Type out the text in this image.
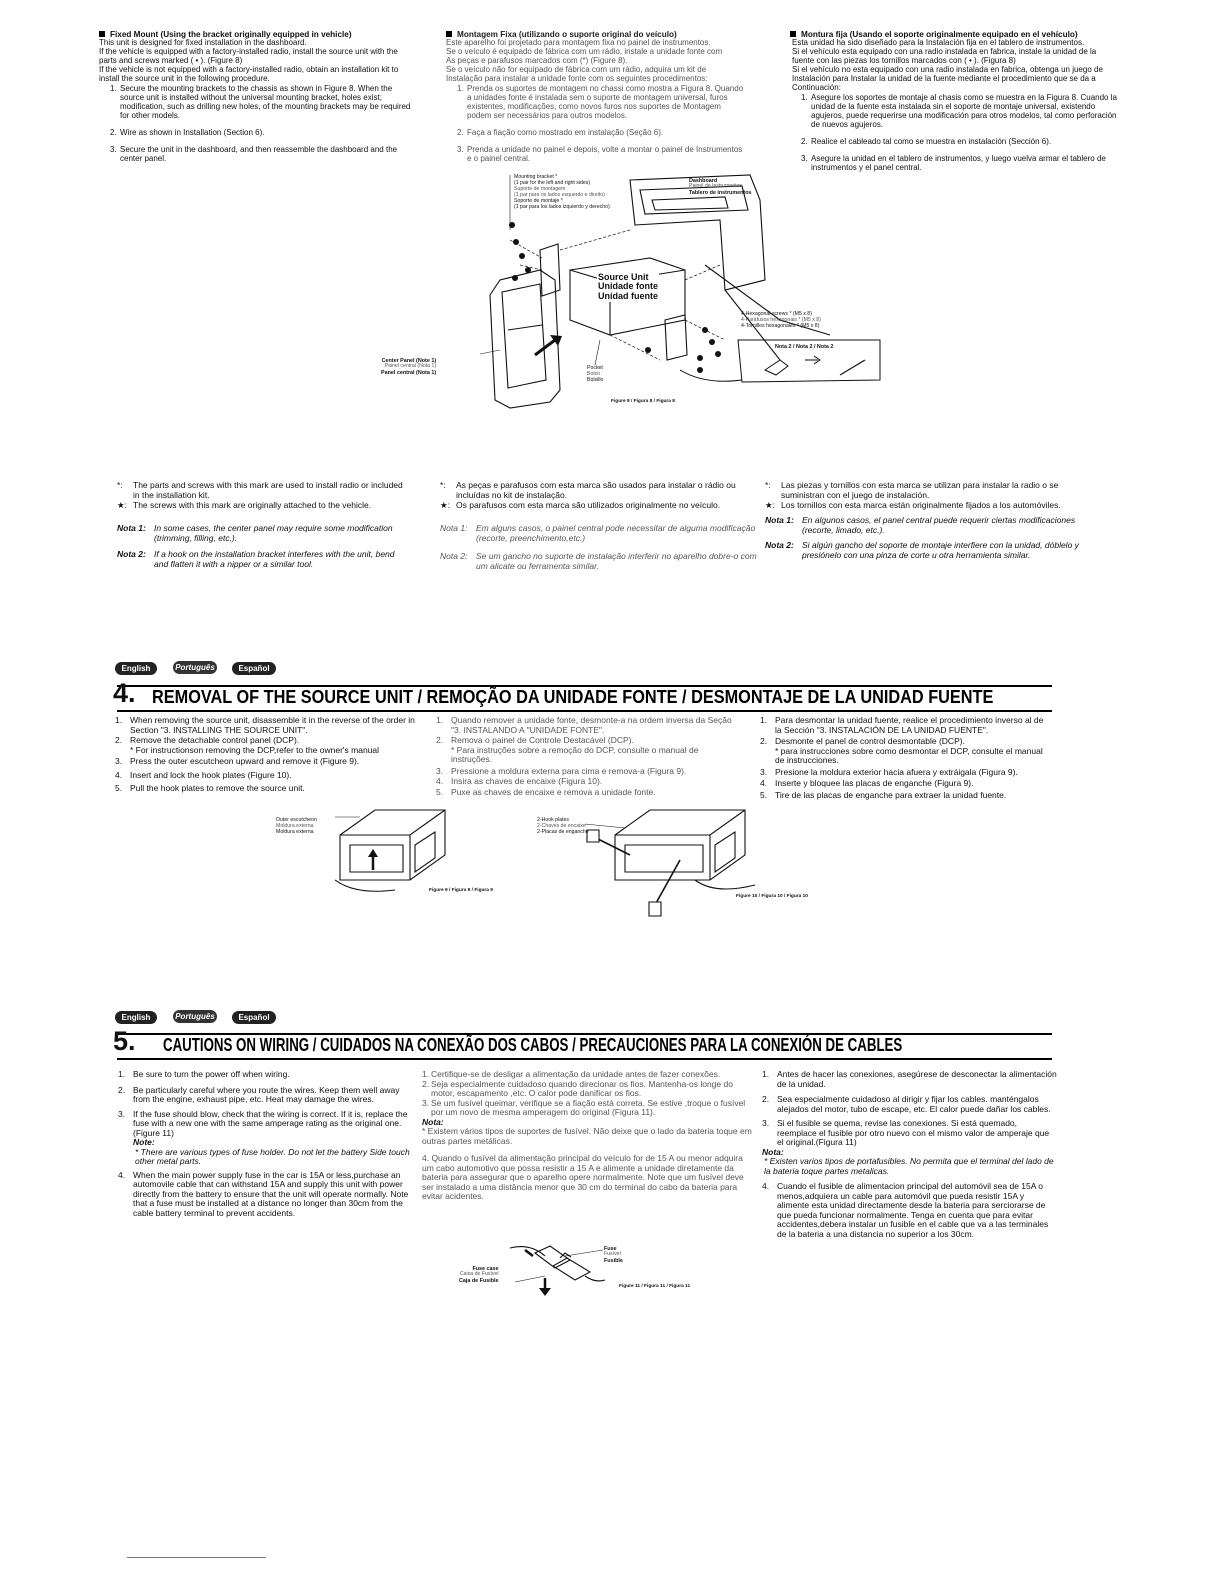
Fixed Mount (Using the bracket originally equipped in vehicle)
This unit is designed for fixed installation in the dashboard.
If the vehicle is equipped with a factory-installed radio, install the source unit with the
parts and screws marked ( • ). (Figure 8)
If the vehicle is not equipped with a factory-installed radio, obtain an installation kit to
install the source unit in the following procedure.
1. Secure the mounting brackets to the chassis as shown in Figure 8. When the source unit is installed without the universal mounting bracket, holes exist; modification, such as drilling new holes, of the mounting brackets may be required for other models.
2. Wire as shown in Installation (Section 6).
3. Secure the unit in the dashboard, and then reassemble the dashboard and the center panel.
Montagem Fixa (utilizando o suporte original do veículo)
Este aparelho foi projetado para montagem fixa no painel de instrumentos.
Se o veículo é equipado de fábrica com um rádio, instale a unidade fonte com
As peças e parafusos marcados com (*) (Figure 8).
Se o veículo não for equipado de fábrica com um rádio, adquira um kit de
Instalação para instalar a unidade fonte com os seguintes procedimentos:
1. Prenda os suportes de montagem no chassi como mostra a Figura 8. Quando a unidades fonte é instalada sem o suporte de montagem universal, furos existentes, modificações, como novos furos nos suportes de Montagem podem ser necessários para outros modelos.
2. Faça a fiação como mostrado em instalação (Seção 6).
3. Prenda a unidade no painel e depois, volte a montar o painel de Instrumentos e o painel central.
Montura fija (Usando el soporte originalmente equipado en el vehículo)
Esta unidad ha sido diseñado para la Instalación fija en el tablero de instrumentos.
Si el vehículo esta equipado con una radio instalada en fabrica, instale la unidad de la
fuente con las piezas los tornillos marcados con ( • ). (Figura 8)
Si el vehículo no esta equipado con una radio instalada en fabrica, obtenga un juego de
Instalación para Instalar la unidad de la fuente mediante el procedimiento que se da a
Continuación:
1. Asegure los soportes de montaje al chasis como se muestra en la Figura 8. Cuando la unidad de la fuente esta instalada sin el soporte de montaje universal, existendo agujeros, puede requerirse una modificación para otros modelos, tal como perforación de nuevos agujeros.
2. Realice el cableado tal como se muestra en instalación (Sección 6).
3. Asegure la unidad en el tablero de instrumentos, y luego vuelva armar el tablero de instrumentos y el panel central.
Mounting bracket *
(1 pair for the left and right sides)
Suporte de montagem
(1 par para os lados esquerdo e direito)
Soporte de montaje *
(1 par para los lados izquierdo y derecho)
Dashboard
Painel de Instrumentos
Tablero de instrumentos
Source Unit
Unidade fonte
Unidad fuente
4-Hexagonal screws * (M5 x 8)
4-Parafusos hexagonais * (M5 x 8)
4-Tornillos hexagonales * (M5 x 8)
Nota 2 / Nota 2 / Nota 2
Center Panel (Note 1)
Painel central (Nota 1)
Panel central (Nota 1)
Pocket
Bolso
Bolsillo
Figure 8 / Figura 8 / Figura 8
*: The parts and screws with this mark are used to install radio or included in the installation kit.
★: The screws with this mark are originally attached to the vehicle.
Nota 1: In some cases, the center panel may require some modification (trimming, filling, etc.).
Nota 2: If a hook on the installation bracket interferes with the unit, bend and flatten it with a nipper or a similar tool.
*: As peças e parafusos com esta marca são usados para instalar o rádio ou incluídas no kit de instalação.
★: Os parafusos com esta marca são utilizados originalmente no veículo.
Nota 1: Em alguns casos, o painel central pode necessitar de alguma modificação (recorte, preenchimento,etc.)
Nota 2: Se um gancho no suporte de instalação interferir no aparelho dobre-o com um alicate ou ferramenta similar.
*: Las piezas y tornillos con esta marca se utilizan para instalar la radio o se suministran con el juego de instalación.
★: Los tornillos con esta marca están originalmente fijados a los automóviles.
Nota 1: En algunos casos, el panel central puede requerir ciertas modificaciones (recorte, limado, etc.).
Nota 2: Si algún gancho del soporte de montaje interfiere con la unidad, dóblelo y presiónelo con una pinza de corte u otra herramienta similar.
English	Português	Español
4. REMOVAL OF THE SOURCE UNIT / REMOÇÃO DA UNIDADE FONTE / DESMONTAJE DE LA UNIDAD FUENTE
1. When removing the source unit, disassemble it in the reverse of the order in Section "3. INSTALLING THE SOURCE UNIT".
2. Remove the detachable control panel (DCP).
* For instructionson removing the DCP,refer to the owner's manual
3. Press the outer escutcheon upward and remove it (Figure 9).
4. Insert and lock the hook plates (Figure 10).
5. Pull the hook plates to remove the source unit.
1. Quando remover a unidade fonte, desmonte-a na ordem inversa da Seção "3. INSTALANDO A "UNIDADE FONTE".
2. Remova o painel de Controle Destacável (DCP).
* Para instruções sobre a remoção do DCP, consulte o manual de instruções.
3. Pressione a moldura externa para cima e remova-a (Figura 9).
4. Insira as chaves de encaixe (Figura 10).
5. Puxe as chaves de encaixe e remova a unidade fonte.
1. Para desmontar la unidad fuente, realice el procedimiento inverso al de la Sección "3. INSTALACIÓN DE LA UNIDAD FUENTE".
2. Desmonte el panel de control desmontable (DCP).
* para instrucciones sobre como desmontar el DCP, consulte el manual de instrucciones.
3. Presione la moldura exterior hacia afuera y extráigala (Figura 9).
4. Inserte y bloquee las placas de enganche (Figura 9).
5. Tire de las placas de enganche para extraer la unidad fuente.
Outer escutcheon
Moldura externa
Moldura externa
Figure 9 / Figura 9 / Figura 9
2-Hook plates
2-Chaves de encaixe
2-Placas de enganche
Figure 10 / Figura 10 / Figura 10
English	Português	Español
5. CAUTIONS ON WIRING / CUIDADOS NA CONEXÃO DOS CABOS / PRECAUCIONES PARA LA CONEXIÓN DE CABLES
1. Be sure to turn the power off when wiring.
2. Be particularly careful where you route the wires. Keep them well away from the engine, exhaust pipe, etc. Heat may damage the wires.
3. If the fuse should blow, check that the wiring is correct. If it is, replace the fuse with a new one with the same amperage rating as the original one.(Figure 11)
Note:
* There are various types of fuse holder. Do not let the battery Side touch other metal parts.
4. When the main power supply fuse in the car is 15A or less,purchase an automovile cable that can withstand 15A and supply this unit with power directly from the battery to ensure that the unit will operate normally. Note that a fuse must be installed at a distance no longer than 30cm from the cable battery terminal to prevent accidents.
1. Certifique-se de desligar a alimentação da unidade antes de fazer conexões.
2. Seja especialmente cuidadoso quando direcionar os fios. Mantenha-os longe do motor, escapamento ,etc. O calor pode danificar os fios.
3. Se um fusível queimar, verifique se a fiação está correta. Se estive ,troque o fusível por um novo de mesma amperagem do original (Figura 11).
Nota:
* Existem vários tipos de suportes de fusível. Não deixe que o lado da bateria toque em outras partes metálicas.
4. Quando o fusível da alimentação principal do veículo for de 15 A ou menor adquira um cabo automotivo que possa resistir a 15 A e alimente a unidade diretamente da bateria para assegurar que o aparelho opere normalmente. Note que um fusível deve ser instalado a uma distância menor que 30 cm do terminal do cabo da bateria para evitar acidentes.
1. Antes de hacer las conexiones, asegúrese de desconectar la alimentación de la unidad.
2. Sea especialmente cuidadoso al dirigir y fijar los cables. manténgalos alejados del motor, tubo de escape, etc. El calor puede dañar los cables.
3. Si el fusible se quema, revise las conexiones. Si está quemado, reemplace el fusible por otro nuevo con el mismo valor de amperaje que el original.(Figura 11)
Nota:
* Existen varios tipos de portafusibles. No permita que el terminal del lado de la bateria toque partes metalicas.
4. Cuando el fusible de alimentacion principal del automóvil sea de 15A o menos,adquiera un cable para automóvil que pueda resistir 15A y alimente esta unidad directamente desde la bateria para serciorarse de que pueda funcionar normalmente. Tenga en cuenta que para evitar accidentes,debera instalar un fusible en el cable que va a las terminales de la bateria a una distancia no superior a los 30cm.
Fuse
Fusível
Fusible
Fuse case
Caixa de Fusível
Caja de Fusible
Figure 11 / Figura 11 / Figura 11
